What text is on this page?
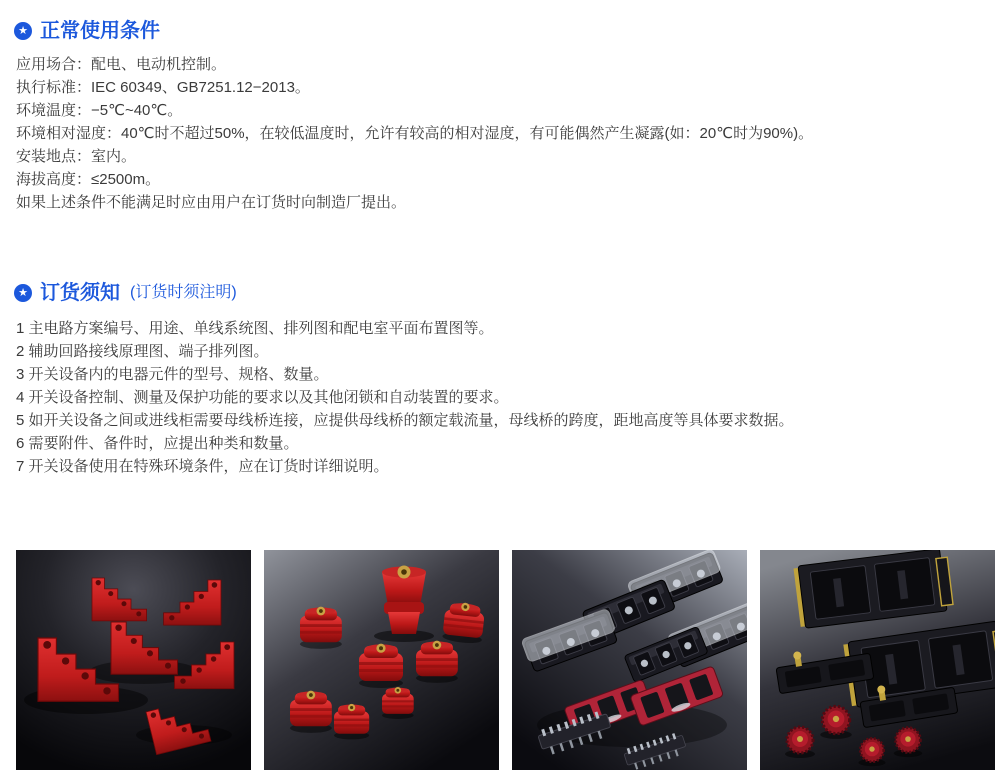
★ 正常使用条件

应用场合：配电、电动机控制。

执行标准：IEC 60349、GB7251.12−2013。

环境温度：−5℃~40℃。

环境相对湿度：40℃时不超过50%，在较低温度时，允许有较高的相对湿度，有可能偶然产生凝露(如：20℃时为90%)。

安装地点：室内。

海拔高度：≤2500m。

如果上述条件不能满足时应由用户在订货时向制造厂提出。

★ 订货须知 (订货时须注明)

1 主电路方案编号、用途、单线系统图、排列图和配电室平面布置图等。

2 辅助回路接线原理图、端子排列图。

3 开关设备内的电器元件的型号、规格、数量。

4 开关设备控制、测量及保护功能的要求以及其他闭锁和自动装置的要求。

5 如开关设备之间或进线柜需要母线桥连接，应提供母线桥的额定载流量，母线桥的跨度，距地高度等具体要求数据。

6 需要附件、备件时，应提出种类和数量。

7 开关设备使用在特殊环境条件，应在订货时详细说明。
